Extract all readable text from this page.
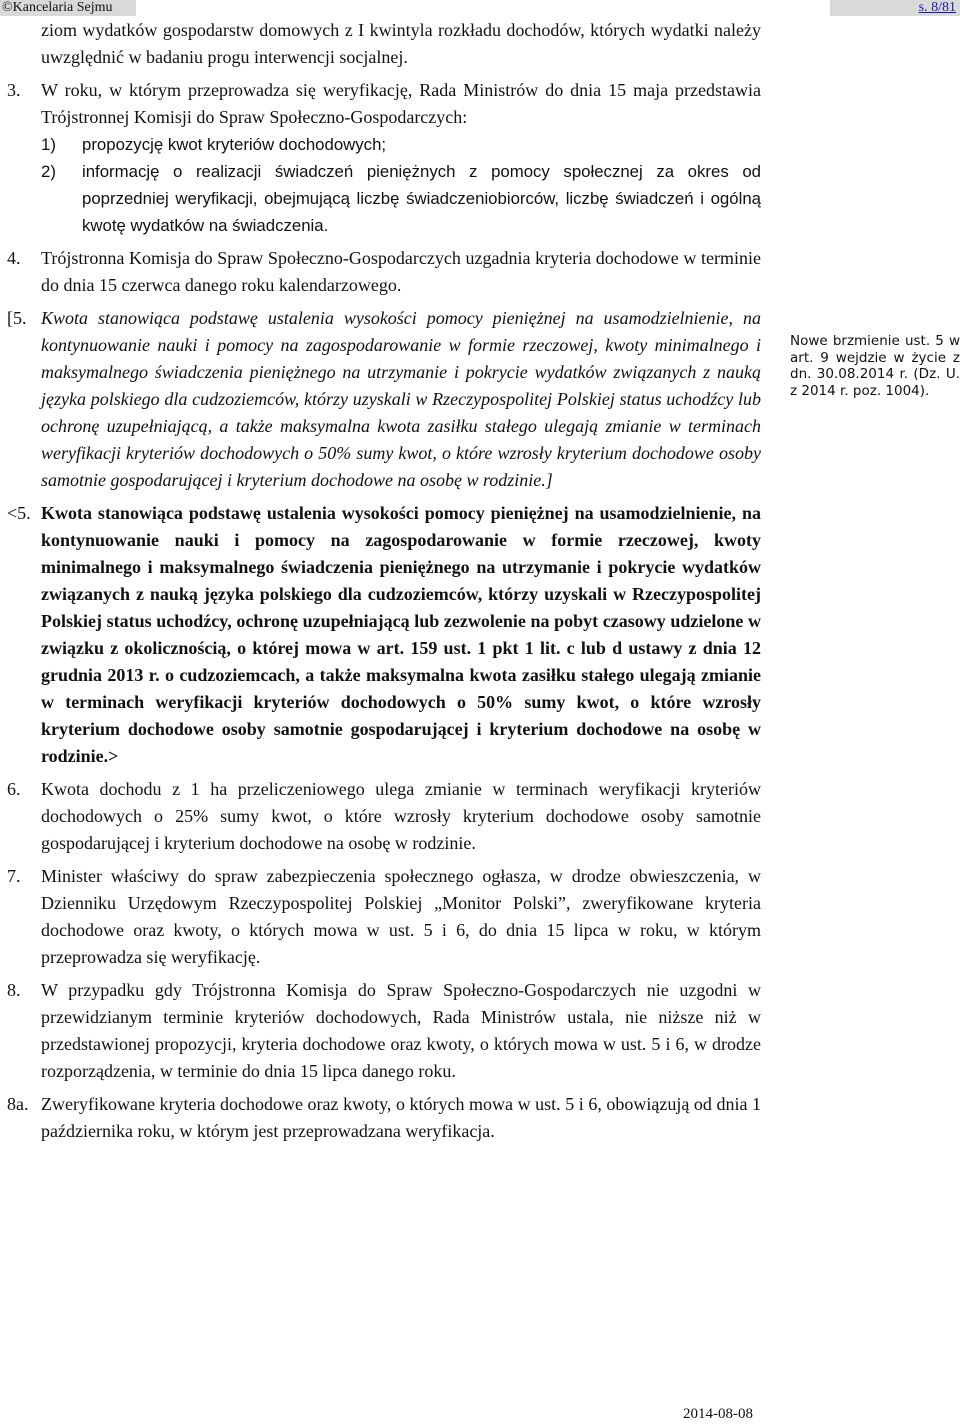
©Kancelaria Sejmu	s. 8/81

ziom wydatków gospodarstw domowych z I kwintyla rozkładu dochodów, których wydatki należy uwzględnić w badaniu progu interwencji socjalnej.

3.	W roku, w którym przeprowadza się weryfikację, Rada Ministrów do dnia 15 maja przedstawia Trójstronnej Komisji do Spraw Społeczno-Gospodarczych:

1)	propozycję kwot kryteriów dochodowych;

2)	informację o realizacji świadczeń pieniężnych z pomocy społecznej za okres od poprzedniej weryfikacji, obejmującą liczbę świadczeniobiorców, liczbę świadczeń i ogólną kwotę wydatków na świadczenia.

4.	Trójstronna Komisja do Spraw Społeczno-Gospodarczych uzgadnia kryteria dochodowe w terminie do dnia 15 czerwca danego roku kalendarzowego.

[5. Kwota stanowiąca podstawę ustalenia wysokości pomocy pieniężnej na usamodzielnienie, na kontynuowanie nauki i pomocy na zagospodarowanie w formie rzeczowej, kwoty minimalnego i maksymalnego świadczenia pieniężnego na utrzymanie i pokrycie wydatków związanych z nauką języka polskiego dla cudzoziemców, którzy uzyskali w Rzeczypospolitej Polskiej status uchodźcy lub ochronę uzupełniającą, a także maksymalna kwota zasiłku stałego ulegają zmianie w terminach weryfikacji kryteriów dochodowych o 50% sumy kwot, o które wzrosły kryterium dochodowe osoby samotnie gospodarującej i kryterium dochodowe na osobę w rodzinie.]

<5. Kwota stanowiąca podstawę ustalenia wysokości pomocy pieniężnej na usamodzielnienie, na kontynuowanie nauki i pomocy na zagospodarowanie w formie rzeczowej, kwoty minimalnego i maksymalnego świadczenia pieniężnego na utrzymanie i pokrycie wydatków związanych z nauką języka polskiego dla cudzoziemców, którzy uzyskali w Rzeczypospolitej Polskiej status uchodźcy, ochronę uzupełniającą lub zezwolenie na pobyt czasowy udzielone w związku z okolicznością, o której mowa w art. 159 ust. 1 pkt 1 lit. c lub d ustawy z dnia 12 grudnia 2013 r. o cudzoziemcach, a także maksymalna kwota zasiłku stałego ulegają zmianie w terminach weryfikacji kryteriów dochodowych o 50% sumy kwot, o które wzrosły kryterium dochodowe osoby samotnie gospodarującej i kryterium dochodowe na osobę w rodzinie.>

6.	Kwota dochodu z 1 ha przeliczeniowego ulega zmianie w terminach weryfikacji kryteriów dochodowych o 25% sumy kwot, o które wzrosły kryterium dochodowe osoby samotnie gospodarującej i kryterium dochodowe na osobę w rodzinie.

7.	Minister właściwy do spraw zabezpieczenia społecznego ogłasza, w drodze obwieszczenia, w Dzienniku Urzędowym Rzeczypospolitej Polskiej „Monitor Polski”, zweryfikowane kryteria dochodowe oraz kwoty, o których mowa w ust. 5 i 6, do dnia 15 lipca w roku, w którym przeprowadza się weryfikację.

8.	W przypadku gdy Trójstronna Komisja do Spraw Społeczno-Gospodarczych nie uzgodni w przewidzianym terminie kryteriów dochodowych, Rada Ministrów ustala, nie niższe niż w przedstawionej propozycji, kryteria dochodowe oraz kwoty, o których mowa w ust. 5 i 6, w drodze rozporządzenia, w terminie do dnia 15 lipca danego roku.

8a. Zweryfikowane kryteria dochodowe oraz kwoty, o których mowa w ust. 5 i 6, obowiązują od dnia 1 października roku, w którym jest przeprowadzana weryfikacja.

Nowe brzmienie ust. 5 w art. 9 wejdzie w życie z dn. 30.08.2014 r. (Dz. U. z 2014 r. poz. 1004).
2014-08-08
